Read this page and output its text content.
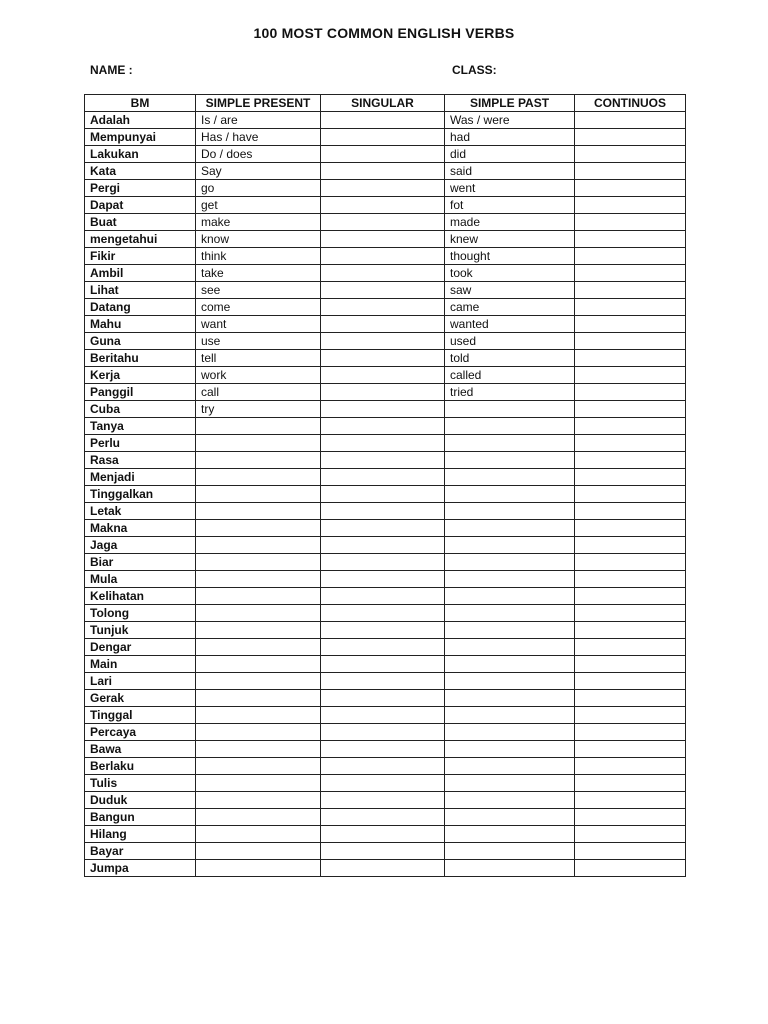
100 MOST COMMON ENGLISH VERBS
NAME :	CLASS:
BM	SIMPLE PRESENT	SINGULAR	SIMPLE PAST	CONTINUOS
Adalah	Is / are		Was / were	
Mempunyai	Has / have		had	
Lakukan	Do / does		did	
Kata	Say		said	
Pergi	go		went	
Dapat	get		fot	
Buat	make		made	
mengetahui	know		knew	
Fikir	think		thought	
Ambil	take		took	
Lihat	see		saw	
Datang	come		came	
Mahu	want		wanted	
Guna	use		used	
Beritahu	tell		told	
Kerja	work		called	
Panggil	call		tried	
Cuba	try			
Tanya				
Perlu				
Rasa				
Menjadi				
Tinggalkan				
Letak				
Makna				
Jaga				
Biar				
Mula				
Kelihatan				
Tolong				
Tunjuk				
Dengar				
Main				
Lari				
Gerak				
Tinggal				
Percaya				
Bawa				
Berlaku				
Tulis				
Duduk				
Bangun				
Hilang				
Bayar				
Jumpa				
